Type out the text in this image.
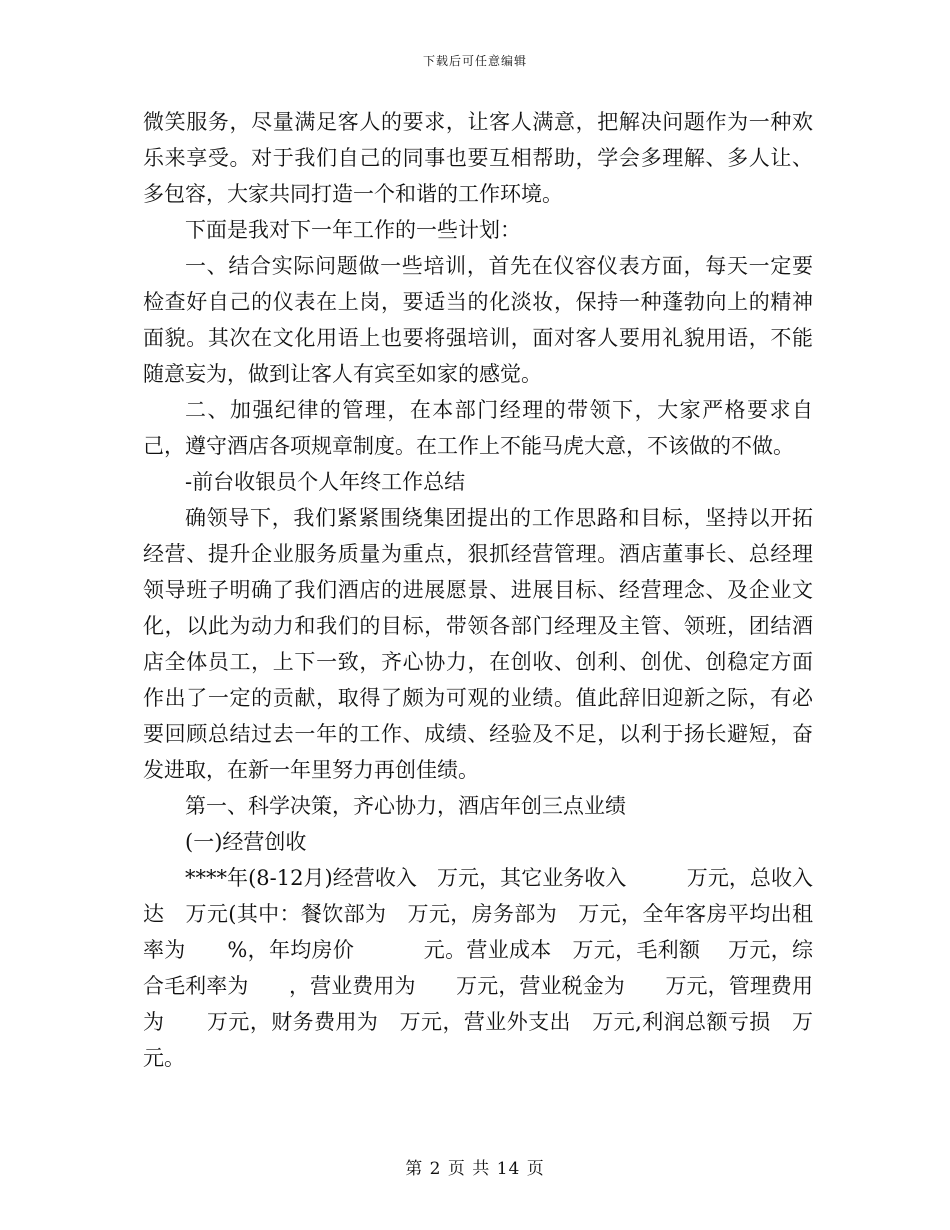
下载后可任意编辑

微笑服务，尽量满足客人的要求，让客人满意，把解决问题作为一种欢乐来享受。对于我们自己的同事也要互相帮助，学会多理解、多人让、多包容，大家共同打造一个和谐的工作环境。

下面是我对下一年工作的一些计划：

一、结合实际问题做一些培训，首先在仪容仪表方面，每天一定要检查好自己的仪表在上岗，要适当的化淡妆，保持一种蓬勃向上的精神面貌。其次在文化用语上也要将强培训，面对客人要用礼貌用语，不能随意妄为，做到让客人有宾至如家的感觉。

二、加强纪律的管理，在本部门经理的带领下，大家严格要求自己，遵守酒店各项规章制度。在工作上不能马虎大意，不该做的不做。

-前台收银员个人年终工作总结

确领导下，我们紧紧围绕集团提出的工作思路和目标，坚持以开拓经营、提升企业服务质量为重点，狠抓经营管理。酒店董事长、总经理领导班子明确了我们酒店的进展愿景、进展目标、经营理念、及企业文化，以此为动力和我们的目标，带领各部门经理及主管、领班，团结酒店全体员工，上下一致，齐心协力，在创收、创利、创优、创稳定方面作出了一定的贡献，取得了颇为可观的业绩。值此辞旧迎新之际，有必要回顾总结过去一年的工作、成绩、经验及不足，以利于扬长避短，奋发进取，在新一年里努力再创佳绩。

第一、科学决策，齐心协力，酒店年创三点业绩

(一)经营创收

****年(8-12月)经营收入   万元，其它业务收入         万元，总收入达   万元(其中：餐饮部为   万元，房务部为   万元，全年客房平均出租率为      %，年均房价          元。营业成本   万元，毛利额    万元，综合毛利率为      ，营业费用为      万元，营业税金为      万元，管理费用为      万元，财务费用为   万元，营业外支出   万元,利润总额亏损   万元。

第 2 页 共 14 页
